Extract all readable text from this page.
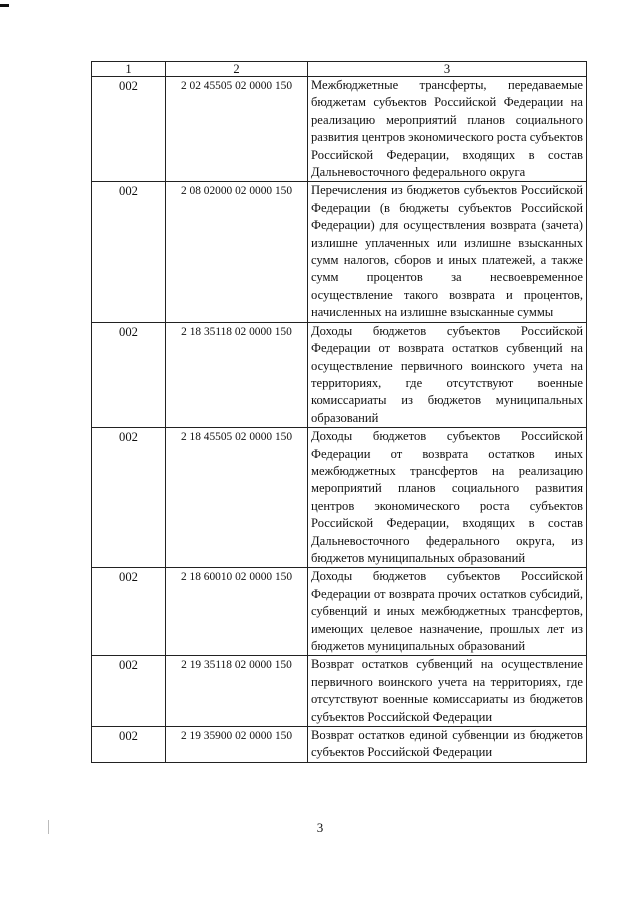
1	2	3
002	2 02 45505 02 0000 150	Межбюджетные трансферты, передаваемые бюджетам субъектов Российской Федерации на реализацию мероприятий планов социального развития центров экономического роста субъектов Российской Федерации, входящих в состав Дальневосточного федерального округа
002	2 08 02000 02 0000 150	Перечисления из бюджетов субъектов Российской Федерации (в бюджеты субъектов Российской Федерации) для осуществления возврата (зачета) излишне уплаченных или излишне взысканных сумм налогов, сборов и иных платежей, а также сумм процентов за несвоевременное осуществление такого возврата и процентов, начисленных на излишне взысканные суммы
002	2 18 35118 02 0000 150	Доходы бюджетов субъектов Российской Федерации от возврата остатков субвенций на осуществление первичного воинского учета на территориях, где отсутствуют военные комиссариаты из бюджетов муниципальных образований
002	2 18 45505 02 0000 150	Доходы бюджетов субъектов Российской Федерации от возврата остатков иных межбюджетных трансфертов на реализацию мероприятий планов социального развития центров экономического роста субъектов Российской Федерации, входящих в состав Дальневосточного федерального округа, из бюджетов муниципальных образований
002	2 18 60010 02 0000 150	Доходы бюджетов субъектов Российской Федерации от возврата прочих остатков субсидий, субвенций и иных межбюджетных трансфертов, имеющих целевое назначение, прошлых лет из бюджетов муниципальных образований
002	2 19 35118 02 0000 150	Возврат остатков субвенций на осуществление первичного воинского учета на территориях, где отсутствуют военные комиссариаты из бюджетов субъектов Российской Федерации
002	2 19 35900 02 0000 150	Возврат остатков единой субвенции из бюджетов субъектов Российской Федерации
3
